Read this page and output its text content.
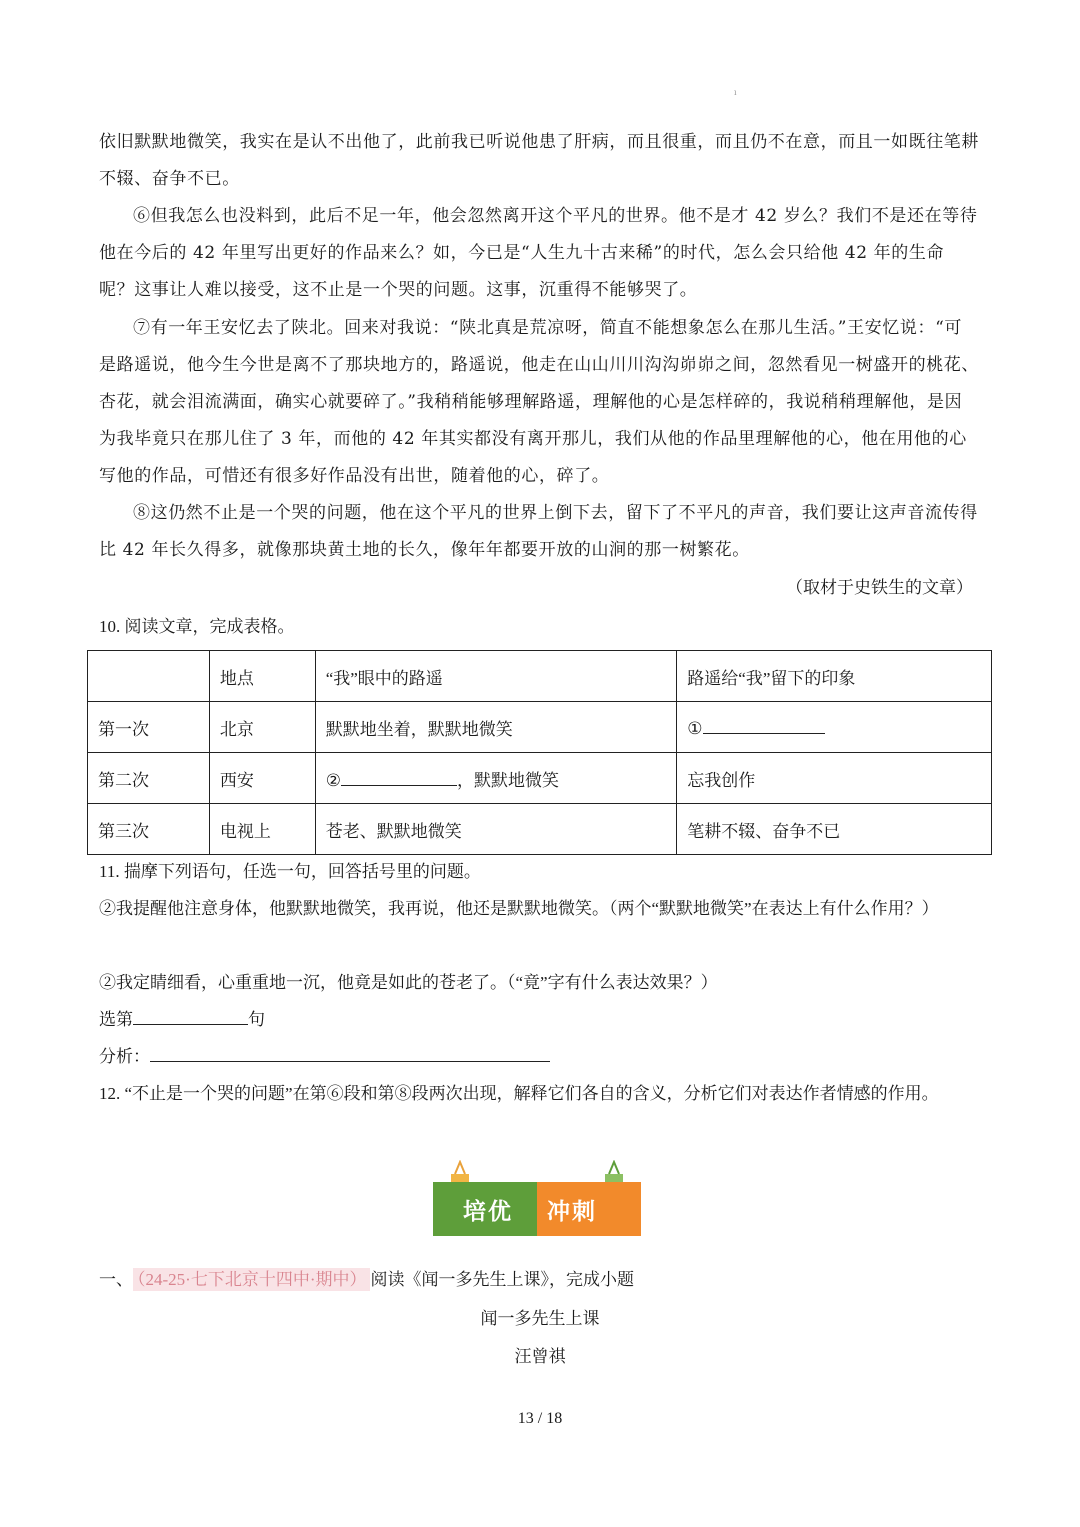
ı

依旧默默地微笑，我实在是认不出他了，此前我已听说他患了肝病，而且很重，而且仍不在意，而且一如既往笔耕不辍、奋争不已。

⑥但我怎么也没料到，此后不足一年，他会忽然离开这个平凡的世界。他不是才 42 岁么？我们不是还在等待他在今后的 42 年里写出更好的作品来么？如，今已是“人生九十古来稀”的时代，怎么会只给他 42 年的生命呢？这事让人难以接受，这不止是一个哭的问题。这事，沉重得不能够哭了。

⑦有一年王安忆去了陕北。回来对我说：“陕北真是荒凉呀，简直不能想象怎么在那儿生活。”王安忆说：“可是路遥说，他今生今世是离不了那块地方的，路遥说，他走在山山川川沟沟峁峁之间，忽然看见一树盛开的桃花、杏花，就会泪流满面，确实心就要碎了。”我稍稍能够理解路遥，理解他的心是怎样碎的，我说稍稍理解他，是因为我毕竟只在那儿住了 3 年，而他的 42 年其实都没有离开那儿，我们从他的作品里理解他的心，他在用他的心写他的作品，可惜还有很多好作品没有出世，随着他的心，碎了。

⑧这仍然不止是一个哭的问题，他在这个平凡的世界上倒下去，留下了不平凡的声音，我们要让这声音流传得比 42 年长久得多，就像那块黄土地的长久，像年年都要开放的山涧的那一树繁花。

（取材于史铁生的文章）

10. 阅读文章，完成表格。

	地点	“我”眼中的路遥	路遥给“我”留下的印象
第一次	北京	默默地坐着，默默地微笑	①
第二次	西安	② ，默默地微笑	忘我创作
第三次	电视上	苍老、默默地微笑	笔耕不辍、奋争不已

11. 揣摩下列语句，任选一句，回答括号里的问题。

②我提醒他注意身体，他默默地微笑，我再说，他还是默默地微笑。（两个“默默地微笑”在表达上有什么作用？）

②我定睛细看，心重重地一沉，他竟是如此的苍老了。（“竟”字有什么表达效果？）

选第	句

分析：

12. “不止是一个哭的问题”在第⑥段和第⑧段两次出现，解释它们各自的含义，分析它们对表达作者情感的作用。

培优 冲刺
一、 （24-25·七下北京十四中·期中） 阅读《闻一多先生上课》，完成小题
闻一多先生上课
汪曾祺
13 / 18
